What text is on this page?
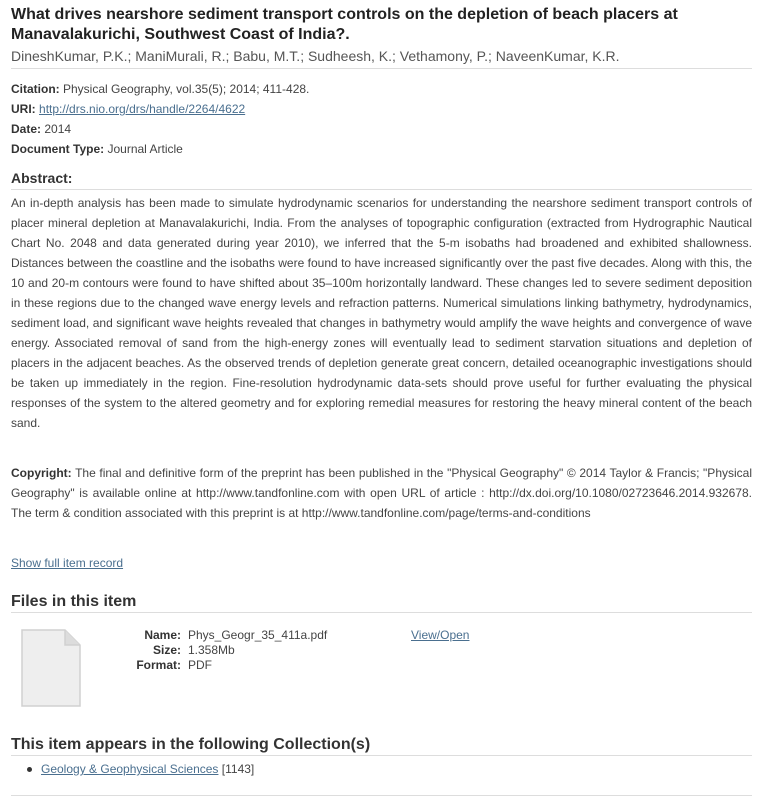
What drives nearshore sediment transport controls on the depletion of beach placers at Manavalakurichi, Southwest Coast of India?.
DineshKumar, P.K.; ManiMurali, R.; Babu, M.T.; Sudheesh, K.; Vethamony, P.; NaveenKumar, K.R.
Citation: Physical Geography, vol.35(5); 2014; 411-428.
URI: http://drs.nio.org/drs/handle/2264/4622
Date: 2014
Document Type: Journal Article
Abstract:

An in-depth analysis has been made to simulate hydrodynamic scenarios for understanding the nearshore sediment transport controls of placer mineral depletion at Manavalakurichi, India. From the analyses of topographic configuration (extracted from Hydrographic Nautical Chart No. 2048 and data generated during year 2010), we inferred that the 5-m isobaths had broadened and exhibited shallowness. Distances between the coastline and the isobaths were found to have increased significantly over the past five decades. Along with this, the 10 and 20-m contours were found to have shifted about 35–100m horizontally landward. These changes led to severe sediment deposition in these regions due to the changed wave energy levels and refraction patterns. Numerical simulations linking bathymetry, hydrodynamics, sediment load, and significant wave heights revealed that changes in bathymetry would amplify the wave heights and convergence of wave energy. Associated removal of sand from the high-energy zones will eventually lead to sediment starvation situations and depletion of placers in the adjacent beaches. As the observed trends of depletion generate great concern, detailed oceanographic investigations should be taken up immediately in the region. Fine-resolution hydrodynamic data-sets should prove useful for further evaluating the physical responses of the system to the altered geometry and for exploring remedial measures for restoring the heavy mineral content of the beach sand.

Copyright: The final and definitive form of the preprint has been published in the "Physical Geography" © 2014 Taylor & Francis; "Physical Geography" is available online at http://www.tandfonline.com with open URL of article : http://dx.doi.org/10.1080/02723646.2014.932678. The term & condition associated with this preprint is at http://www.tandfonline.com/page/terms-and-conditions

Show full item record
Files in this item
Name: Phys_Geogr_35_411a.pdf
Size: 1.358Mb
Format: PDF
View/Open
This item appears in the following Collection(s)
Geology & Geophysical Sciences [1143]
